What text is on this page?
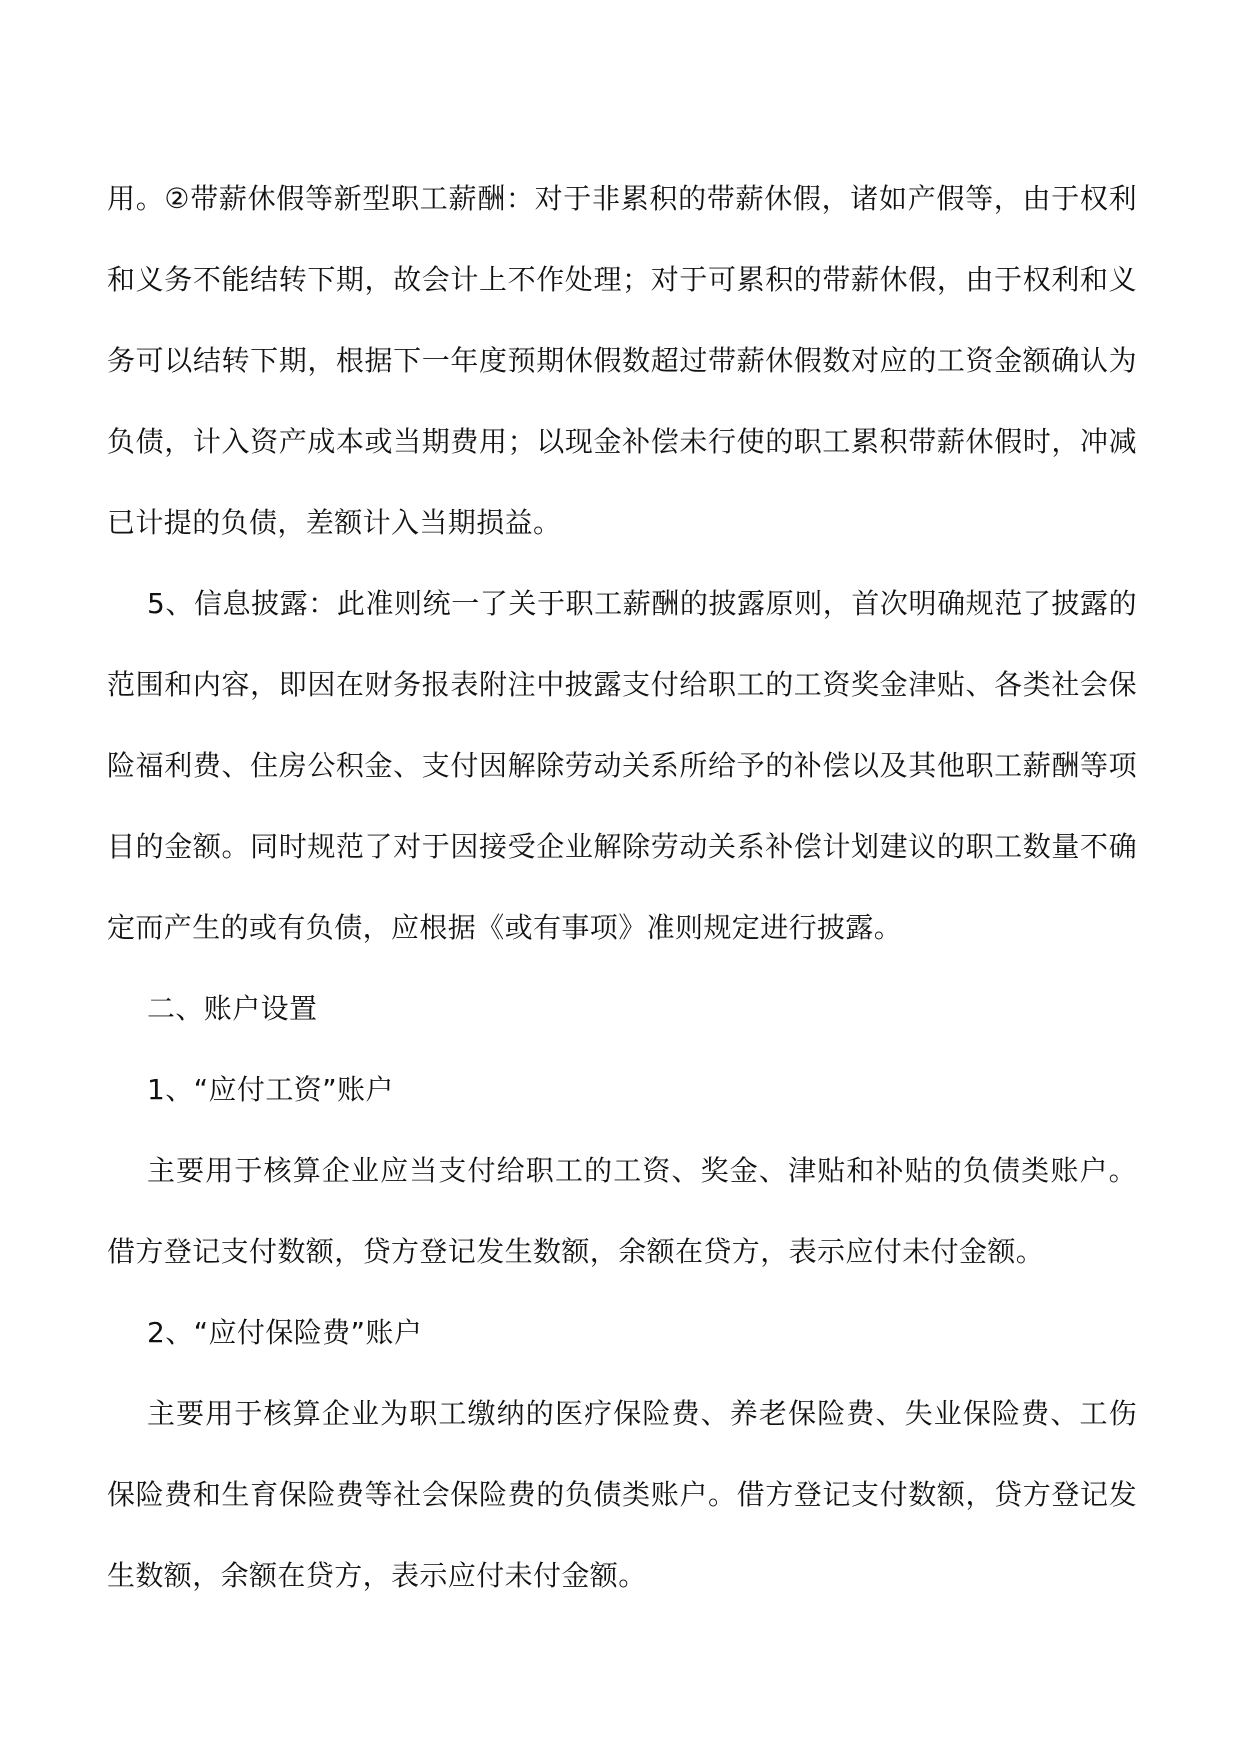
用。②带薪休假等新型职工薪酬：对于非累积的带薪休假，诸如产假等，由于权利和义务不能结转下期，故会计上不作处理；对于可累积的带薪休假，由于权利和义务可以结转下期，根据下一年度预期休假数超过带薪休假数对应的工资金额确认为负债，计入资产成本或当期费用；以现金补偿未行使的职工累积带薪休假时，冲减已计提的负债，差额计入当期损益。

5、信息披露：此准则统一了关于职工薪酬的披露原则，首次明确规范了披露的范围和内容，即因在财务报表附注中披露支付给职工的工资奖金津贴、各类社会保险福利费、住房公积金、支付因解除劳动关系所给予的补偿以及其他职工薪酬等项目的金额。同时规范了对于因接受企业解除劳动关系补偿计划建议的职工数量不确定而产生的或有负债，应根据《或有事项》准则规定进行披露。

二、账户设置

1、“应付工资”账户

主要用于核算企业应当支付给职工的工资、奖金、津贴和补贴的负债类账户。借方登记支付数额，贷方登记发生数额，余额在贷方，表示应付未付金额。

2、“应付保险费”账户

主要用于核算企业为职工缴纳的医疗保险费、养老保险费、失业保险费、工伤保险费和生育保险费等社会保险费的负债类账户。借方登记支付数额，贷方登记发生数额，余额在贷方，表示应付未付金额。
